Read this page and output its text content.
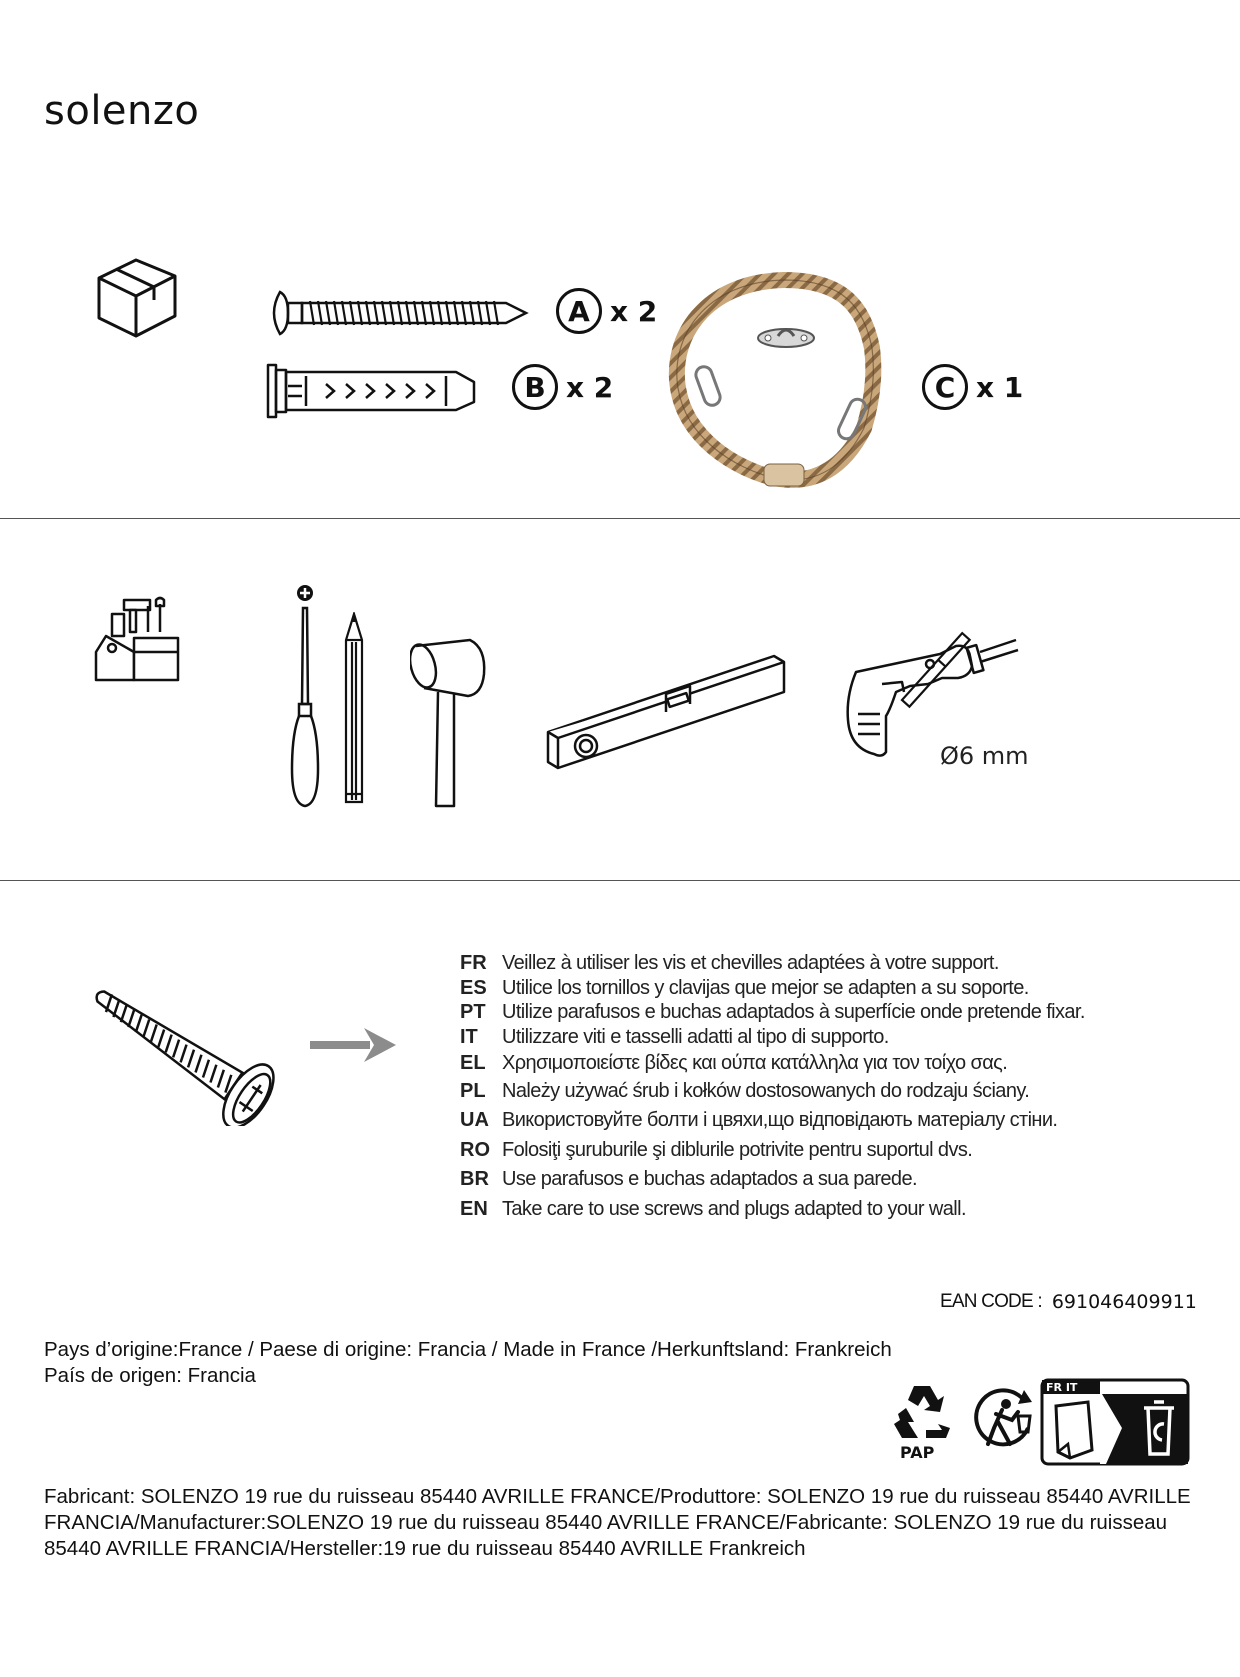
solenzo
A x 2
B x 2	C x 1
Ø6 mm
FR Veillez à utiliser les vis et chevilles adaptées à votre support.
ES Utilice los tornillos y clavijas que mejor se adapten a su soporte.
PT Utilize parafusos e buchas adaptados à superfície onde pretende fixar.
IT	Utilizzare viti e tasselli adatti al tipo di supporto.
EL Χρησιμοποιείστε βίδες και ούπα κατάλληλα για τον τοίχο σας.
PL Należy używać śrub i kołków dostosowanych do rodzaju ściany.
UA Використовуйте болти і цвяхи,що відповідають матеріалу стіни.
RO Folosiţi şuruburile şi diblurile potrivite pentru suportul dvs.
BR Use parafusos e buchas adaptados a sua parede.
EN Take care to use screws and plugs adapted to your wall.
EAN CODE : 691046409911
Pays d’origine:France / Paese di origine: Francia / Made in France /Herkunftsland: Frankreich
País de origen: Francia
PAP
FR IT
Fabricant: SOLENZO 19 rue du ruisseau 85440 AVRILLE FRANCE/Produttore: SOLENZO 19 rue du ruisseau 85440 AVRILLE FRANCIA/Manufacturer:SOLENZO 19 rue du ruisseau 85440 AVRILLE FRANCE/Fabricante: SOLENZO 19 rue du ruisseau 85440 AVRILLE FRANCIA/Hersteller:19 rue du ruisseau 85440 AVRILLE Frankreich
